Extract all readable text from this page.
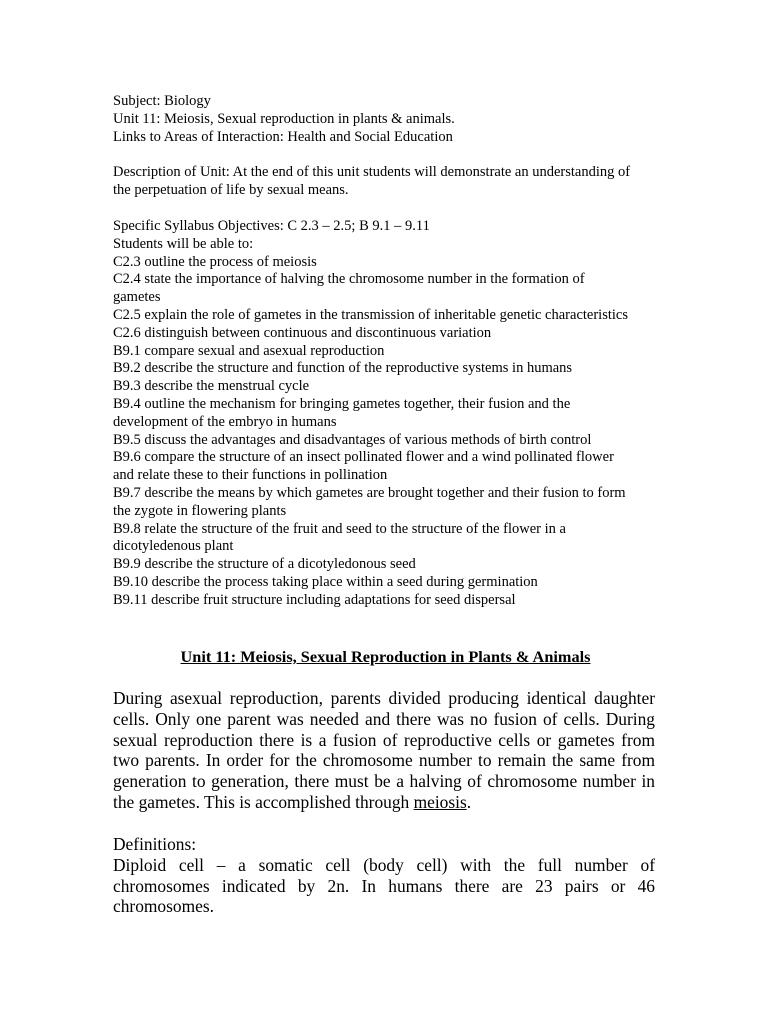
Subject: Biology
Unit 11: Meiosis, Sexual reproduction in plants & animals.
Links to Areas of Interaction: Health and Social Education
Description of Unit: At the end of this unit students will demonstrate an understanding of
the perpetuation of life by sexual means.
Specific Syllabus Objectives: C 2.3 – 2.5; B 9.1 – 9.11
Students will be able to:
C2.3 outline the process of meiosis
C2.4 state the importance of halving the chromosome number in the formation of
gametes
C2.5 explain the role of gametes in the transmission of inheritable genetic characteristics
C2.6 distinguish between continuous and discontinuous variation
B9.1 compare sexual and asexual reproduction
B9.2 describe the structure and function of the reproductive systems in humans
B9.3 describe the menstrual cycle
B9.4 outline the mechanism for bringing gametes together, their fusion and the
development of the embryo in humans
B9.5 discuss the advantages and disadvantages of various methods of birth control
B9.6 compare the structure of an insect pollinated flower and a wind pollinated flower
and relate these to their functions in pollination
B9.7 describe the means by which gametes are brought together and their fusion to form
the zygote in flowering plants
B9.8 relate the structure of the fruit and seed to the structure of the flower in a
dicotyledenous plant
B9.9 describe the structure of a dicotyledonous seed
B9.10 describe the process taking place within a seed during germination
B9.11 describe fruit structure including adaptations for seed dispersal
Unit 11: Meiosis, Sexual Reproduction in Plants & Animals
During asexual reproduction, parents divided producing identical daughter cells. Only one parent was needed and there was no fusion of cells. During sexual reproduction there is a fusion of reproductive cells or gametes from two parents. In order for the chromosome number to remain the same from generation to generation, there must be a halving of chromosome number in the gametes. This is accomplished through meiosis.
Definitions:
Diploid cell – a somatic cell (body cell) with the full number of chromosomes indicated by 2n. In humans there are 23 pairs or 46 chromosomes.
